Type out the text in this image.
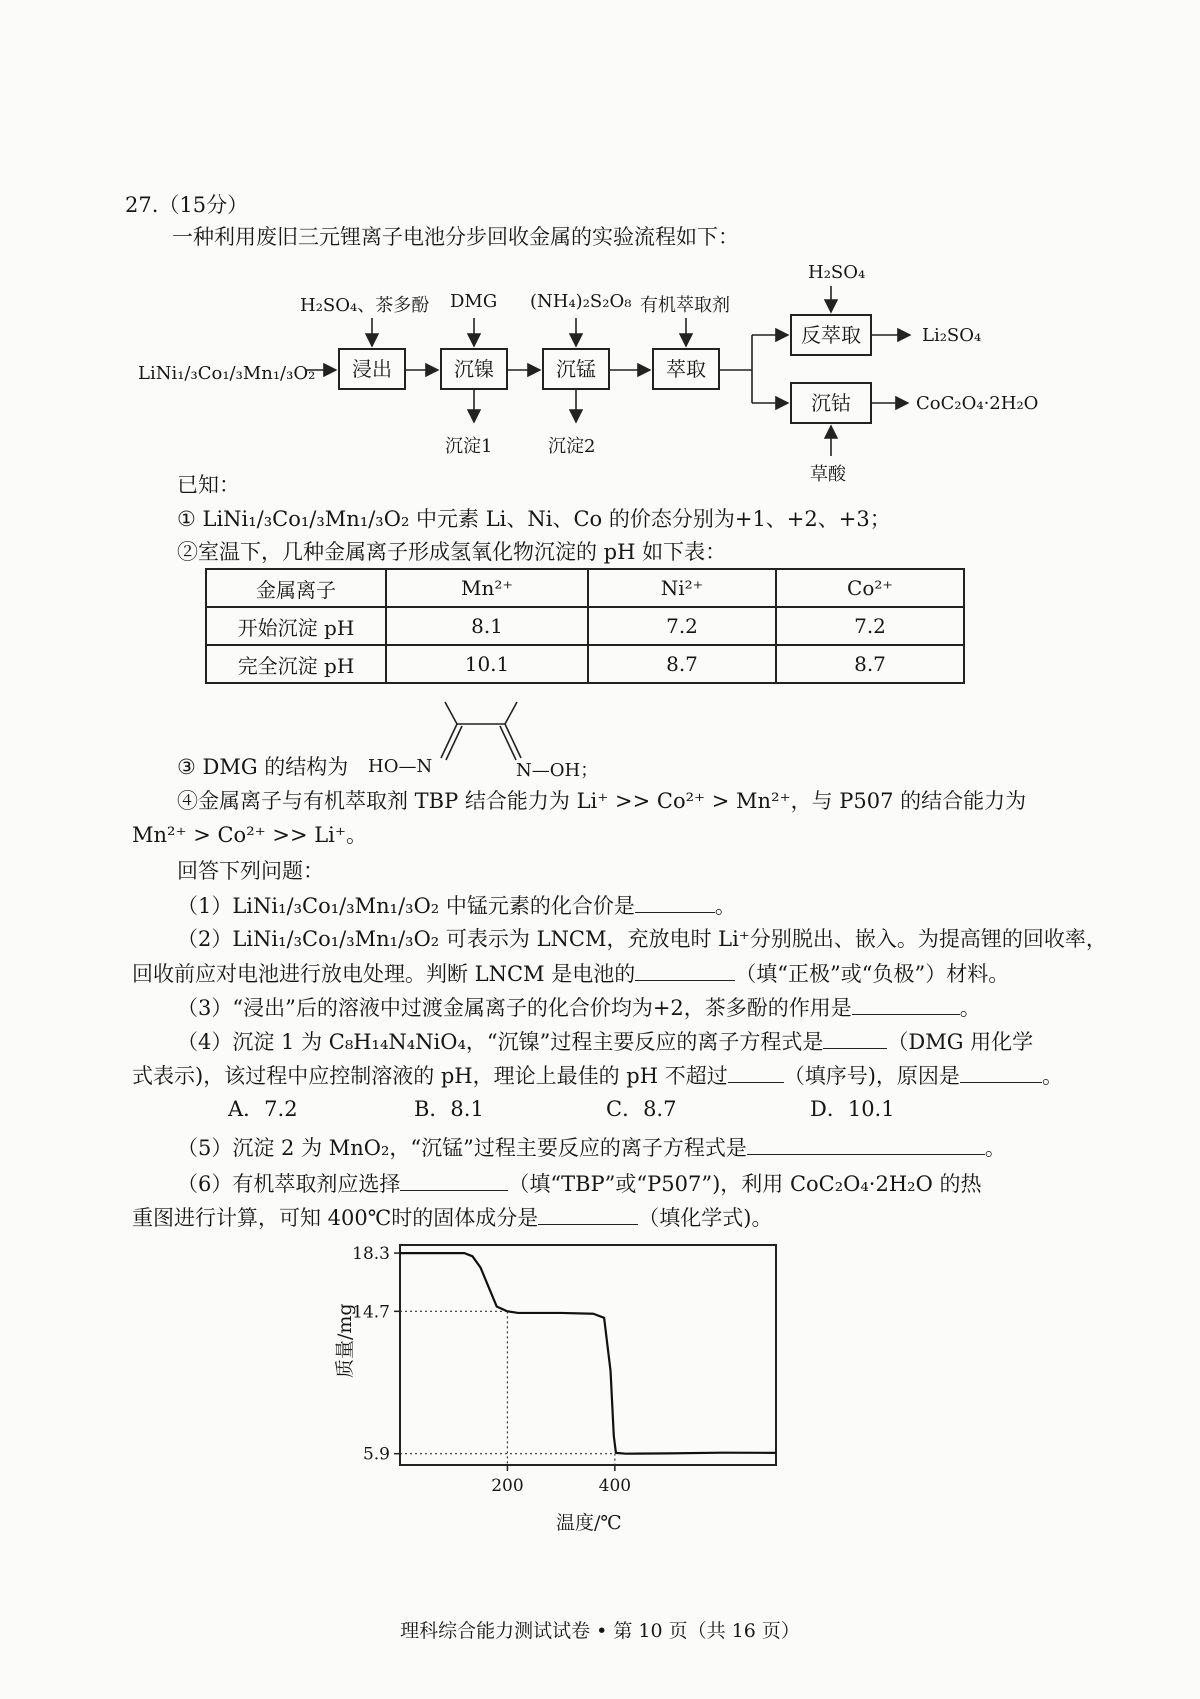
27.（15分）
一种利用废旧三元锂离子电池分步回收金属的实验流程如下：
LiNi₁/₃Co₁/₃Mn₁/₃O₂	浸出	沉镍	沉锰	萃取
反萃取
沉钴
H₂SO₄、茶多酚 DMG (NH₄)₂S₂O₈ 有机萃取剂
H₂SO₄
草酸
沉淀1	沉淀2
Li₂SO₄
CoC₂O₄·2H₂O
已知：
① LiNi₁/₃Co₁/₃Mn₁/₃O₂ 中元素 Li、Ni、Co 的价态分别为+1、+2、+3；
②室温下，几种金属离子形成氢氧化物沉淀的 pH 如下表：
金属离子	Mn²⁺	Ni²⁺	Co²⁺
开始沉淀 pH	8.1	7.2	7.2
完全沉淀 pH	10.1	8.7	8.7
③ DMG 的结构为 HO—N	N—OH；
④金属离子与有机萃取剂 TBP 结合能力为 Li⁺ >> Co²⁺ > Mn²⁺，与 P507 的结合能力为
Mn²⁺ > Co²⁺ >> Li⁺。
回答下列问题：
（1）LiNi₁/₃Co₁/₃Mn₁/₃O₂ 中锰元素的化合价是	。
（2）LiNi₁/₃Co₁/₃Mn₁/₃O₂ 可表示为 LNCM，充放电时 Li⁺分别脱出、嵌入。为提高锂的回收率，
回收前应对电池进行放电处理。判断 LNCM 是电池的	（填“正极”或“负极”）材料。
（3）“浸出”后的溶液中过渡金属离子的化合价均为+2，茶多酚的作用是	。
（4）沉淀 1 为 C₈H₁₄N₄NiO₄，“沉镍”过程主要反应的离子方程式是	（DMG 用化学
式表示)，该过程中应控制溶液的 pH，理论上最佳的 pH 不超过	（填序号)，原因是	。
A．7.2	B．8.1	C．8.7	D．10.1
（5）沉淀 2 为 MnO₂，“沉锰”过程主要反应的离子方程式是	。
（6）有机萃取剂应选择	（填“TBP”或“P507”)，利用 CoC₂O₄·2H₂O 的热
重图进行计算，可知 400℃时的固体成分是	（填化学式)。
18.3
14.7
5.9
200	400
温度/℃
质量/mg
理科综合能力测试试卷 • 第 10 页（共 16 页）
